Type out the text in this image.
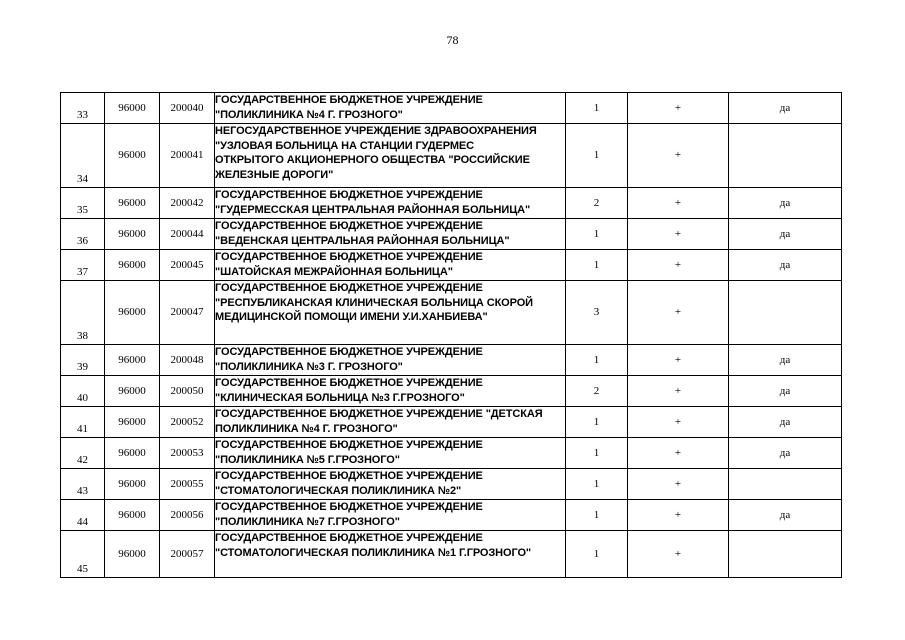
78
33	96000	200040	ГОСУДАРСТВЕННОЕ БЮДЖЕТНОЕ УЧРЕЖДЕНИЕ
"ПОЛИКЛИНИКА №4 Г. ГРОЗНОГО"	1	+	да

34	96000	200041	НЕГОСУДАРСТВЕННОЕ УЧРЕЖДЕНИЕ ЗДРАВООХРАНЕНИЯ
"УЗЛОВАЯ БОЛЬНИЦА НА СТАНЦИИ ГУДЕРМЕС
ОТКРЫТОГО АКЦИОНЕРНОГО ОБЩЕСТВА "РОССИЙСКИЕ
ЖЕЛЕЗНЫЕ ДОРОГИ"	1	+	

35	96000	200042	ГОСУДАРСТВЕННОЕ БЮДЖЕТНОЕ УЧРЕЖДЕНИЕ
"ГУДЕРМЕССКАЯ ЦЕНТРАЛЬНАЯ РАЙОННАЯ БОЛЬНИЦА"	2	+	да

36	96000	200044	ГОСУДАРСТВЕННОЕ БЮДЖЕТНОЕ УЧРЕЖДЕНИЕ
"ВЕДЕНСКАЯ ЦЕНТРАЛЬНАЯ РАЙОННАЯ БОЛЬНИЦА"	1	+	да

37	96000	200045	ГОСУДАРСТВЕННОЕ БЮДЖЕТНОЕ УЧРЕЖДЕНИЕ
"ШАТОЙСКАЯ МЕЖРАЙОННАЯ БОЛЬНИЦА"	1	+	да

38	96000	200047	ГОСУДАРСТВЕННОЕ БЮДЖЕТНОЕ УЧРЕЖДЕНИЕ
"РЕСПУБЛИКАНСКАЯ КЛИНИЧЕСКАЯ БОЛЬНИЦА СКОРОЙ
МЕДИЦИНСКОЙ ПОМОЩИ ИМЕНИ У.И.ХАНБИЕВА"	3	+	

39	96000	200048	ГОСУДАРСТВЕННОЕ БЮДЖЕТНОЕ УЧРЕЖДЕНИЕ
"ПОЛИКЛИНИКА №3 Г. ГРОЗНОГО"	1	+	да

40	96000	200050	ГОСУДАРСТВЕННОЕ БЮДЖЕТНОЕ УЧРЕЖДЕНИЕ
"КЛИНИЧЕСКАЯ БОЛЬНИЦА №3 Г.ГРОЗНОГО"	2	+	да

41	96000	200052	ГОСУДАРСТВЕННОЕ БЮДЖЕТНОЕ УЧРЕЖДЕНИЕ "ДЕТСКАЯ
ПОЛИКЛИНИКА №4 Г. ГРОЗНОГО"	1	+	да

42	96000	200053	ГОСУДАРСТВЕННОЕ БЮДЖЕТНОЕ УЧРЕЖДЕНИЕ
"ПОЛИКЛИНИКА №5 Г.ГРОЗНОГО"	1	+	да

43	96000	200055	ГОСУДАРСТВЕННОЕ БЮДЖЕТНОЕ УЧРЕЖДЕНИЕ
"СТОМАТОЛОГИЧЕСКАЯ ПОЛИКЛИНИКА №2"	1	+	

44	96000	200056	ГОСУДАРСТВЕННОЕ БЮДЖЕТНОЕ УЧРЕЖДЕНИЕ
"ПОЛИКЛИНИКА №7 Г.ГРОЗНОГО"	1	+	да

45	96000	200057	ГОСУДАРСТВЕННОЕ БЮДЖЕТНОЕ УЧРЕЖДЕНИЕ
"СТОМАТОЛОГИЧЕСКАЯ ПОЛИКЛИНИКА №1 Г.ГРОЗНОГО"	1	+	
